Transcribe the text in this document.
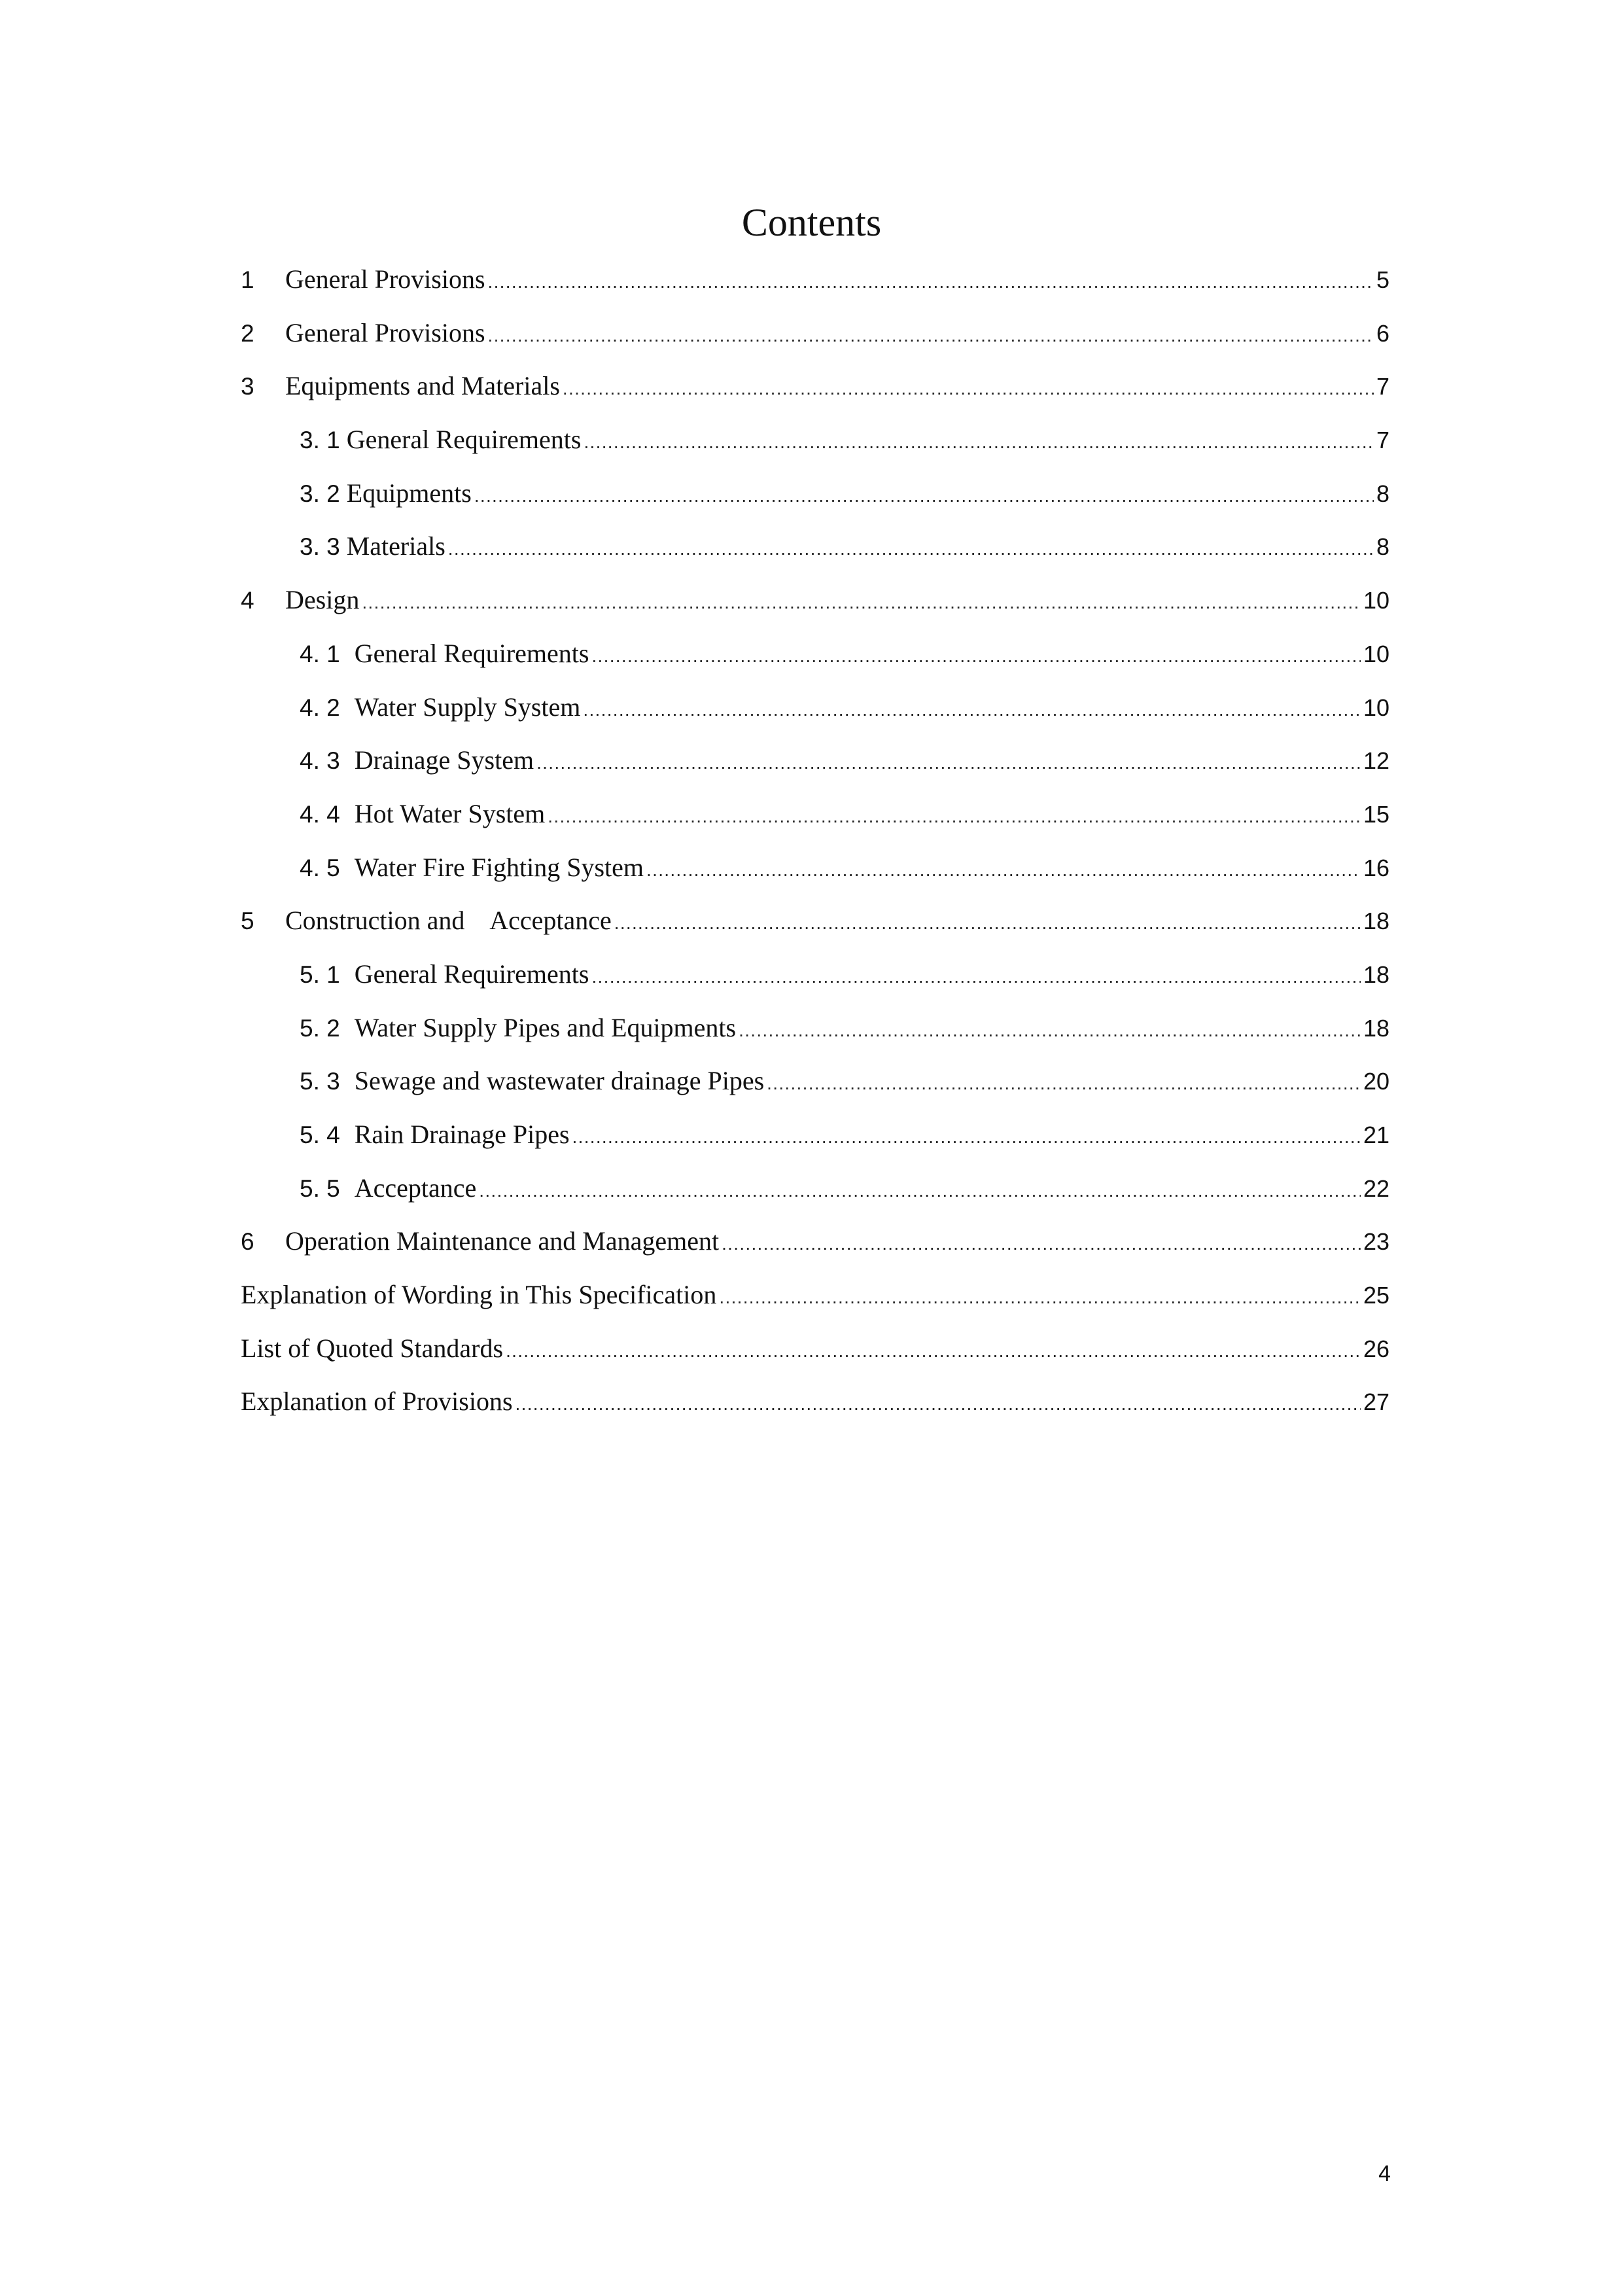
Contents
1	General Provisions .....	5
2	General Provisions .....	6
3	Equipments and Materials .....	7
3. 1 General Requirements .....	7
3. 2 Equipments .....	8
3. 3 Materials .....	8
4	Design .....	10
4. 1 General Requirements .....	10
4. 2 Water Supply System .....	10
4. 3 Drainage System .....	12
4. 4 Hot Water System .....	15
4. 5 Water Fire Fighting System .....	16
5	Construction and    Acceptance .....	18
5. 1 General Requirements .....	18
5. 2 Water Supply Pipes and Equipments .....	18
5. 3 Sewage and wastewater drainage Pipes .....	20
5. 4 Rain Drainage Pipes .....	21
5. 5 Acceptance .....	22
6	Operation Maintenance and Management .....	23
Explanation of Wording in This Specification .....	25
List of Quoted Standards .....	26
Explanation of Provisions .....	27
4
